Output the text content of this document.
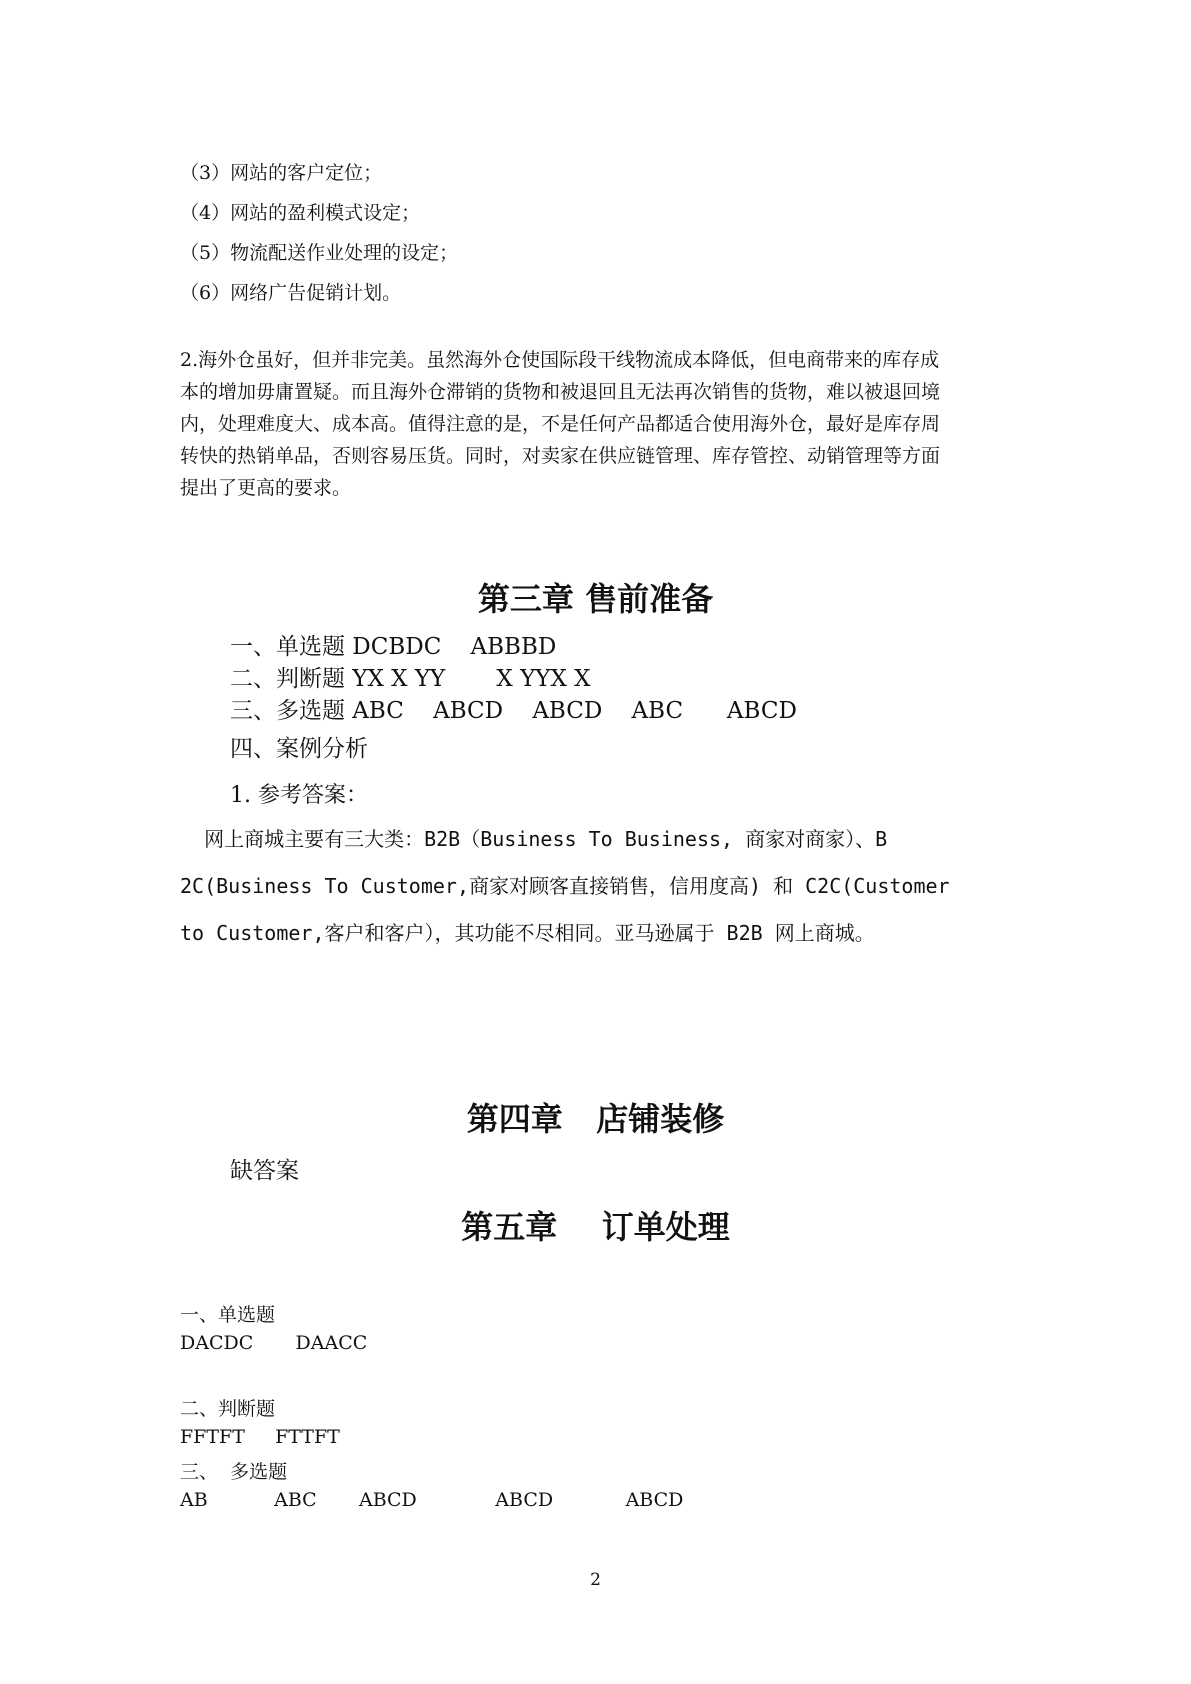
（3）网站的客户定位；
（4）网站的盈利模式设定；
（5）物流配送作业处理的设定；
（6）网络广告促销计划。
2.海外仓虽好，但并非完美。虽然海外仓使国际段干线物流成本降低，但电商带来的库存成
本的增加毋庸置疑。而且海外仓滞销的货物和被退回且无法再次销售的货物，难以被退回境
内，处理难度大、成本高。值得注意的是，不是任何产品都适合使用海外仓，最好是库存周
转快的热销单品，否则容易压货。同时，对卖家在供应链管理、库存管控、动销管理等方面
提出了更高的要求。
第三章 售前准备
一、单选题 DCBDC    ABBBD
二、判断题 YX X YY       X YYX X
三、多选题 ABC    ABCD    ABCD    ABC      ABCD
四、案例分析
1. 参考答案：
网上商城主要有三大类：B2B（Business To Business, 商家对商家）、B
2C(Business To Customer,商家对顾客直接销售，信用度高) 和 C2C(Customer
to Customer,客户和客户），其功能不尽相同。亚马逊属于 B2B 网上商城。
第四章   店铺装修
缺答案
第五章    订单处理
一、单选题
DACDC       DAACC
二、判断题
FFTFT     FTTFT
三、  多选题
AB           ABC       ABCD             ABCD            ABCD
2
